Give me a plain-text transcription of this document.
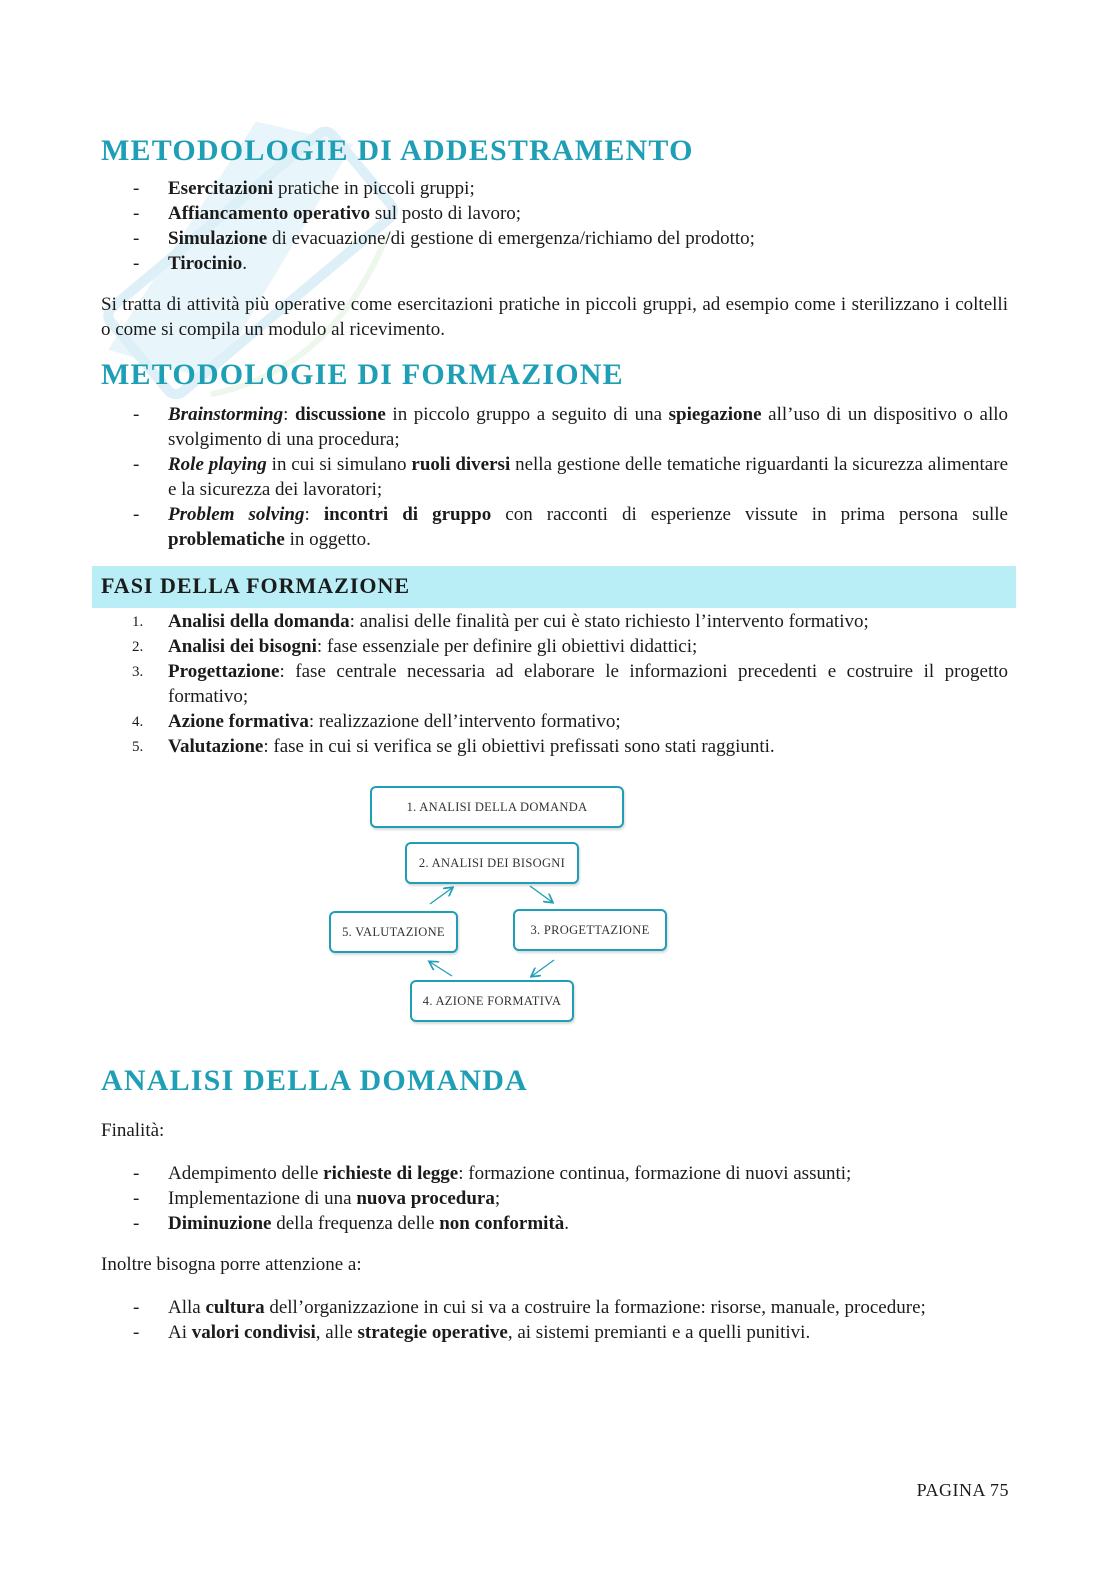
METODOLOGIE DI ADDESTRAMENTO
- Esercitazioni pratiche in piccoli gruppi;
- Affiancamento operativo sul posto di lavoro;
- Simulazione di evacuazione/di gestione di emergenza/richiamo del prodotto;
- Tirocinio.

Si tratta di attività più operative come esercitazioni pratiche in piccoli gruppi, ad esempio come i sterilizzano i coltelli o come si compila un modulo al ricevimento.

METODOLOGIE DI FORMAZIONE
- Brainstorming: discussione in piccolo gruppo a seguito di una spiegazione all’uso di un dispositivo o allo svolgimento di una procedura;
- Role playing in cui si simulano ruoli diversi nella gestione delle tematiche riguardanti la sicurezza alimentare e la sicurezza dei lavoratori;
- Problem solving: incontri di gruppo con racconti di esperienze vissute in prima persona sulle problematiche in oggetto.
FASI DELLA FORMAZIONE
1. Analisi della domanda: analisi delle finalità per cui è stato richiesto l’intervento formativo;
2. Analisi dei bisogni: fase essenziale per definire gli obiettivi didattici;
3. Progettazione: fase centrale necessaria ad elaborare le informazioni precedenti e costruire il progetto formativo;
4. Azione formativa: realizzazione dell’intervento formativo;
5. Valutazione: fase in cui si verifica se gli obiettivi prefissati sono stati raggiunti.
1. ANALISI DELLA DOMANDA
2. ANALISI DEI BISOGNI
3. PROGETTAZIONE
5. VALUTAZIONE
4. AZIONE FORMATIVA
ANALISI DELLA DOMANDA

Finalità:

- Adempimento delle richieste di legge: formazione continua, formazione di nuovi assunti;
- Implementazione di una nuova procedura;
- Diminuzione della frequenza delle non conformità.

Inoltre bisogna porre attenzione a:

- Alla cultura dell’organizzazione in cui si va a costruire la formazione: risorse, manuale, procedure;
- Ai valori condivisi, alle strategie operative, ai sistemi premianti e a quelli punitivi.
PAGINA 75
